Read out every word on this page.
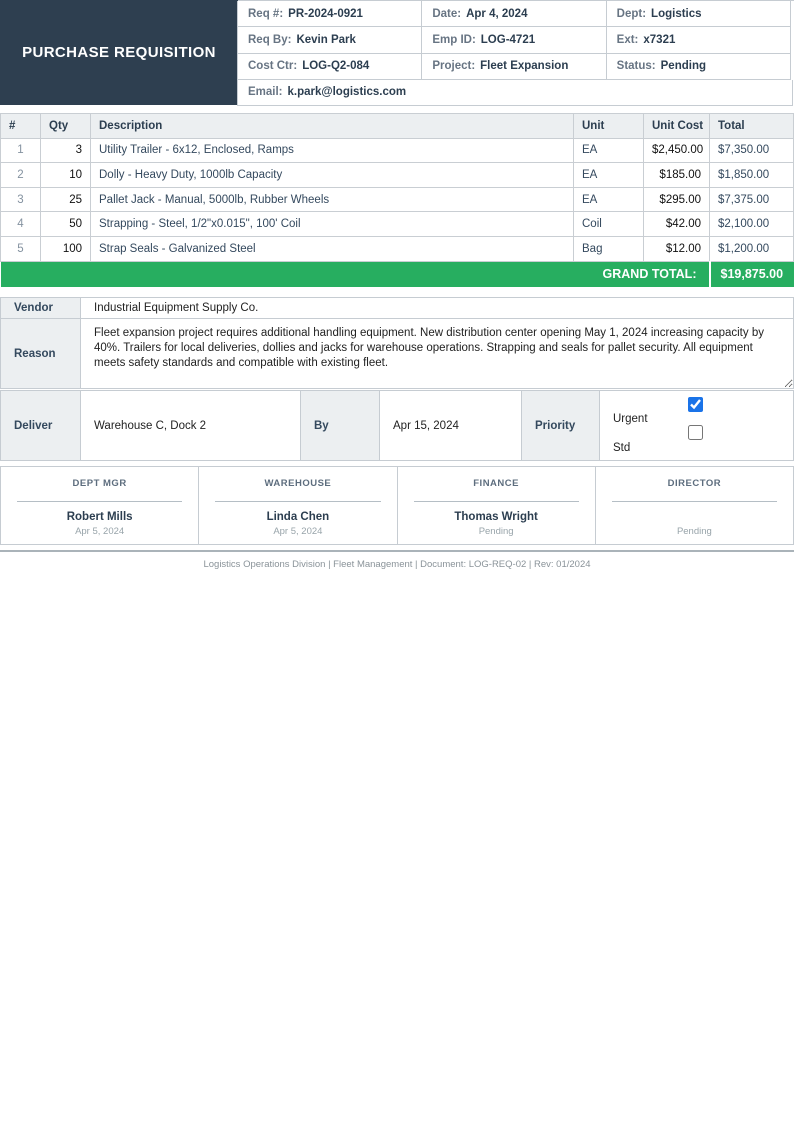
PURCHASE REQUISITION
Req #: PR-2024-0921	Date: Apr 4, 2024	Dept: Logistics
Req By: Kevin Park	Emp ID: LOG-4721	Ext: x7321
Cost Ctr: LOG-Q2-084	Project: Fleet Expansion	Status: Pending
Email: k.park@logistics.com
#	Qty	Description	Unit	Unit Cost	Total
1	3	Utility Trailer - 6x12, Enclosed, Ramps	EA	$2,450.00	$7,350.00
2	10	Dolly - Heavy Duty, 1000lb Capacity	EA	$185.00	$1,850.00
3	25	Pallet Jack - Manual, 5000lb, Rubber Wheels	EA	$295.00	$7,375.00
4	50	Strapping - Steel, 1/2"x0.015", 100' Coil	Coil	$42.00	$2,100.00
5	100	Strap Seals - Galvanized Steel	Bag	$12.00	$1,200.00
GRAND TOTAL:					$19,875.00
Vendor	Industrial Equipment Supply Co.
Reason	
Fleet expansion project requires additional handling equipment. New distribution center opening May 1, 2024 increasing capacity by 40%. Trailers for local deliveries, dollies and jacks for warehouse operations. Strapping and seals for pallet security. All equipment meets safety standards and compatible with existing fleet.
Deliver	Warehouse C, Dock 2	By	Apr 15, 2024	Priority	
Urgent
Std
DEPT MGR
Robert Mills
Apr 5, 2024
WAREHOUSE
Linda Chen
Apr 5, 2024
FINANCE
Thomas Wright
Pending
DIRECTOR
Pending
Logistics Operations Division | Fleet Management | Document: LOG-REQ-02 | Rev: 01/2024
